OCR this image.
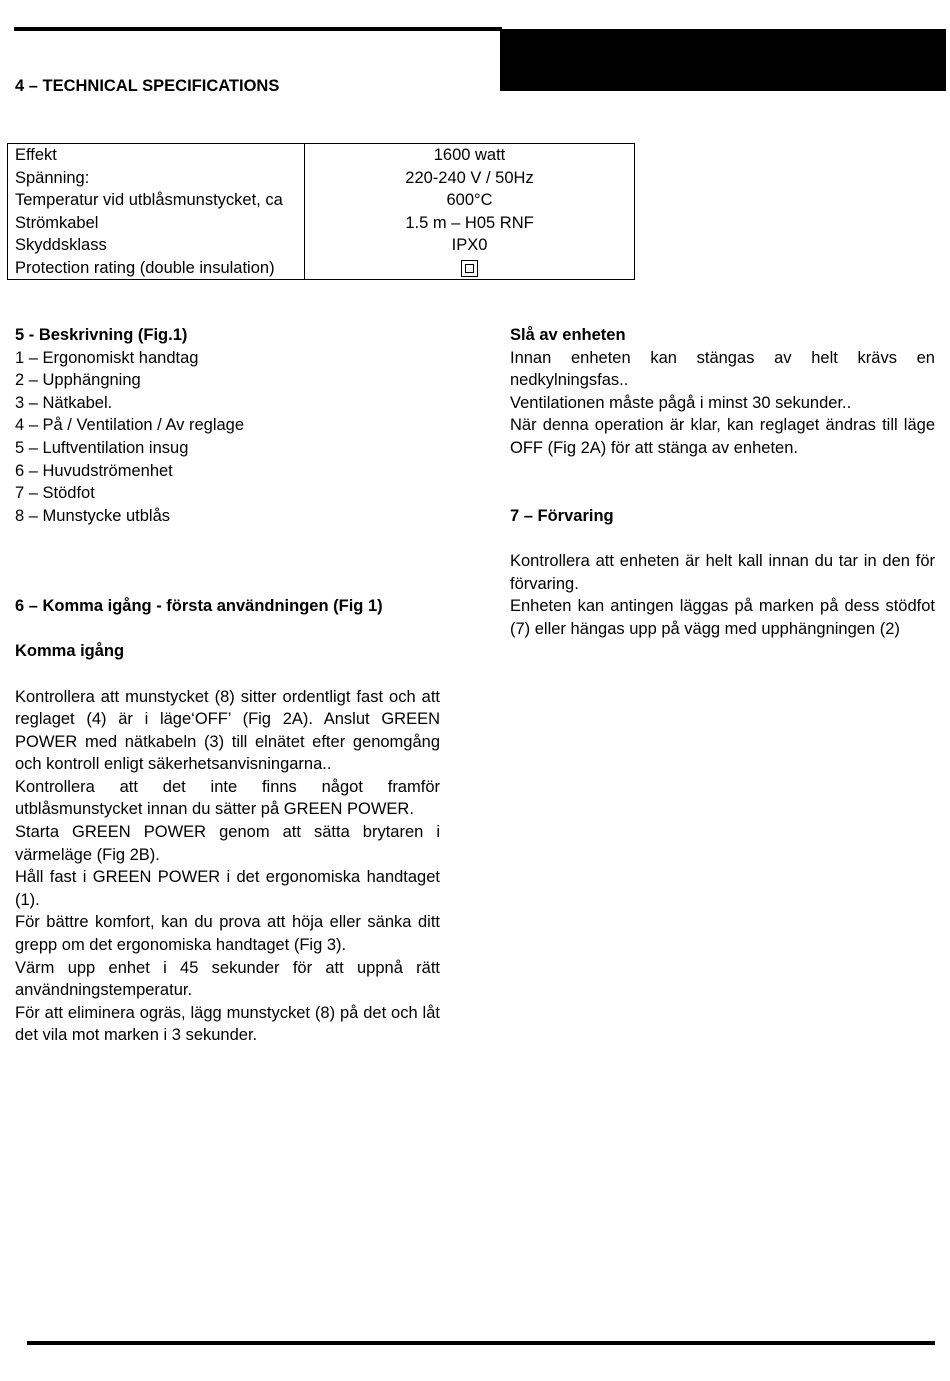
4 – TECHNICAL SPECIFICATIONS
Effekt	1600 watt
Spänning:	220-240 V / 50Hz
Temperatur vid utblåsmunstycket, ca	600°C
Strömkabel	1.5 m – H05 RNF
Skyddsklass	IPX0
Protection rating (double insulation)	

5 - Beskrivning (Fig.1)

1 – Ergonomiskt handtag

2 – Upphängning

3 – Nätkabel.

4 – På / Ventilation / Av reglage

5 – Luftventilation insug

6 – Huvudströmenhet

7 – Stödfot

8 – Munstycke utblås

6 – Komma igång - första användningen (Fig 1)

Komma igång

Kontrollera att munstycket (8) sitter ordentligt fast och att reglaget (4) är i läge‘OFF’ (Fig 2A). Anslut GREEN POWER med nätkabeln (3) till elnätet efter genomgång och kontroll enligt säkerhetsanvisningarna..

Kontrollera att det inte finns något framför utblåsmunstycket innan du sätter på GREEN POWER.

Starta GREEN POWER genom att sätta brytaren i värmeläge (Fig 2B).

Håll fast i GREEN POWER i det ergonomiska handtaget (1).

För bättre komfort, kan du prova att höja eller sänka ditt grepp om det ergonomiska handtaget (Fig 3).

Värm upp enhet i 45 sekunder för att uppnå rätt användningstemperatur.

För att eliminera ogräs, lägg munstycket (8) på det och låt det vila mot marken i 3 sekunder.

Slå av enheten

Innan enheten kan stängas av helt krävs en nedkylningsfas..

Ventilationen måste pågå i minst 30 sekunder..

När denna operation är klar, kan reglaget ändras till läge OFF (Fig 2A) för att stänga av enheten.

7 – Förvaring

Kontrollera att enheten är helt kall innan du tar in den för förvaring.

Enheten kan antingen läggas på marken på dess stödfot (7) eller hängas upp på vägg med upphängningen (2)
